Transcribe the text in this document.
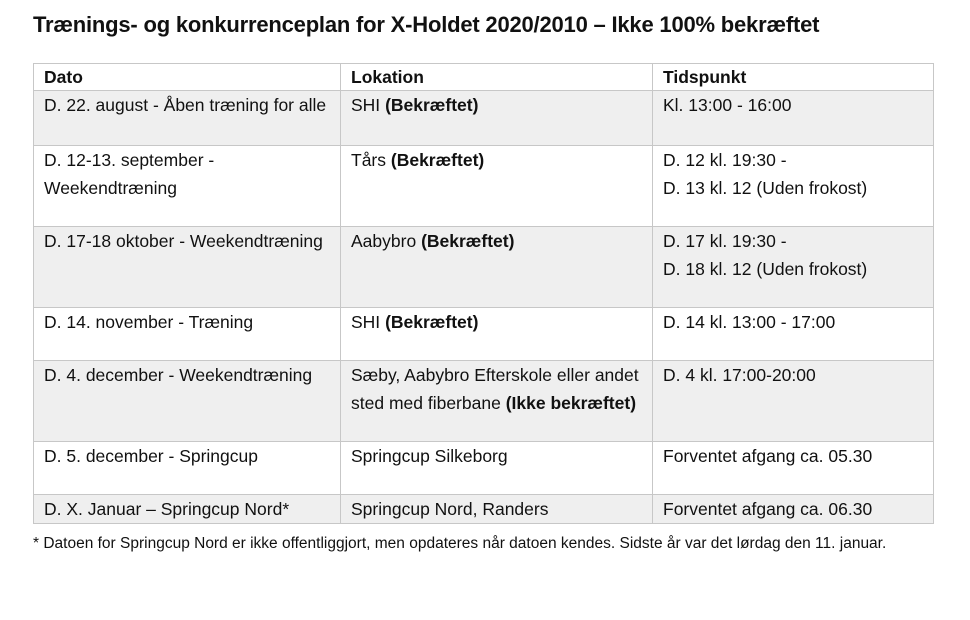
Trænings- og konkurrenceplan for X-Holdet 2020/2010 – Ikke 100% bekræftet
Dato	Lokation	Tidspunkt
D. 22. august - Åben træning for alle	SHI (Bekræftet)	Kl. 13:00 - 16:00

D. 12-13. september - Weekendtræning	Tårs (Bekræftet)	D. 12 kl. 19:30 -
D. 13 kl. 12 (Uden frokost)

D. 17-18 oktober - Weekendtræning	Aabybro (Bekræftet)	D. 17 kl. 19:30 -
D. 18 kl. 12 (Uden frokost)

D. 14. november - Træning	SHI (Bekræftet)	D. 14 kl. 13:00 - 17:00

D. 4. december - Weekendtræning	Sæby, Aabybro Efterskole eller andet sted med fiberbane (Ikke bekræftet)	D. 4 kl. 17:00-20:00

D. 5. december - Springcup	Springcup Silkeborg	Forventet afgang ca. 05.30

D. X. Januar – Springcup Nord*	Springcup Nord, Randers	Forventet afgang ca. 06.30
* Datoen for Springcup Nord er ikke offentliggjort, men opdateres når datoen kendes. Sidste år var det lørdag den 11. januar.
